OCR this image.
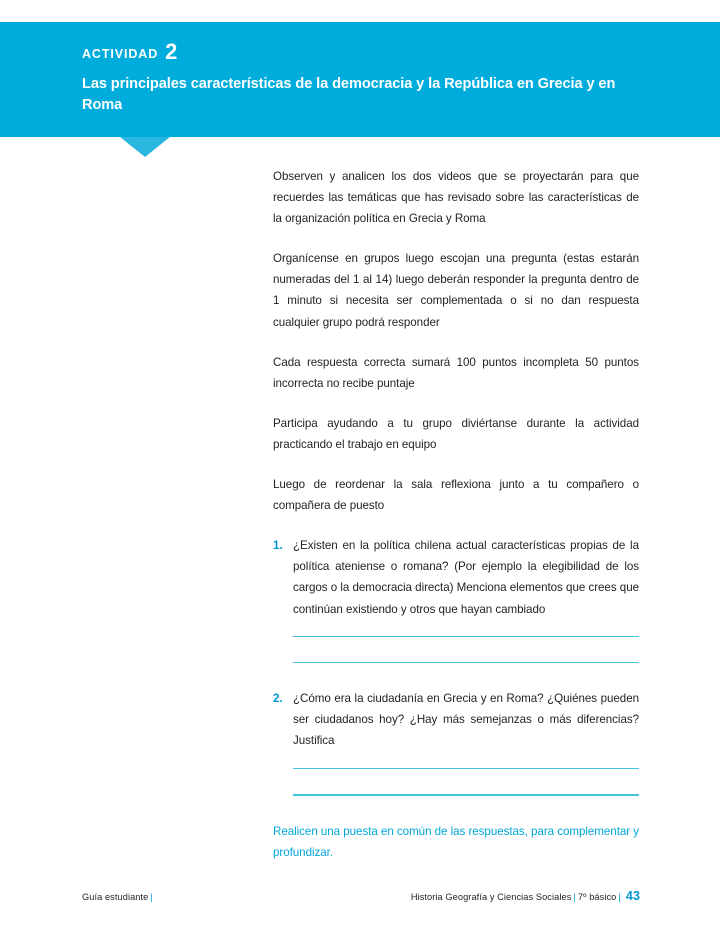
ACTIVIDAD 2
Las principales características de la democracia y la República en Grecia y en Roma

Observen y analicen los dos videos que se proyectarán para que recuerdes las temáticas que has revisado sobre las características de la organización política en Grecia y Roma

Organícense en grupos luego escojan una pregunta (estas estarán numeradas del 1 al 14) luego deberán responder la pregunta dentro de 1 minuto si necesita ser complementada o si no dan respuesta cualquier grupo podrá responder

Cada respuesta correcta sumará 100 puntos incompleta 50 puntos incorrecta no recibe puntaje

Participa ayudando a tu grupo diviértanse durante la actividad practicando el trabajo en equipo

Luego de reordenar la sala reflexiona junto a tu compañero o compañera de puesto

1. ¿Existen en la política chilena actual características propias de la política ateniense o romana? (Por ejemplo la elegibilidad de los cargos o la democracia directa) Menciona elementos que crees que continúan existiendo y otros que hayan cambiado
2. ¿Cómo era la ciudadanía en Grecia y en Roma? ¿Quiénes pueden ser ciudadanos hoy? ¿Hay más semejanzas o más diferencias? Justifica

Realicen una puesta en común de las respuestas, para complementar y profundizar.

Guía estudiante |	Historia Geografía y Ciencias Sociales | 7º básico | 43
